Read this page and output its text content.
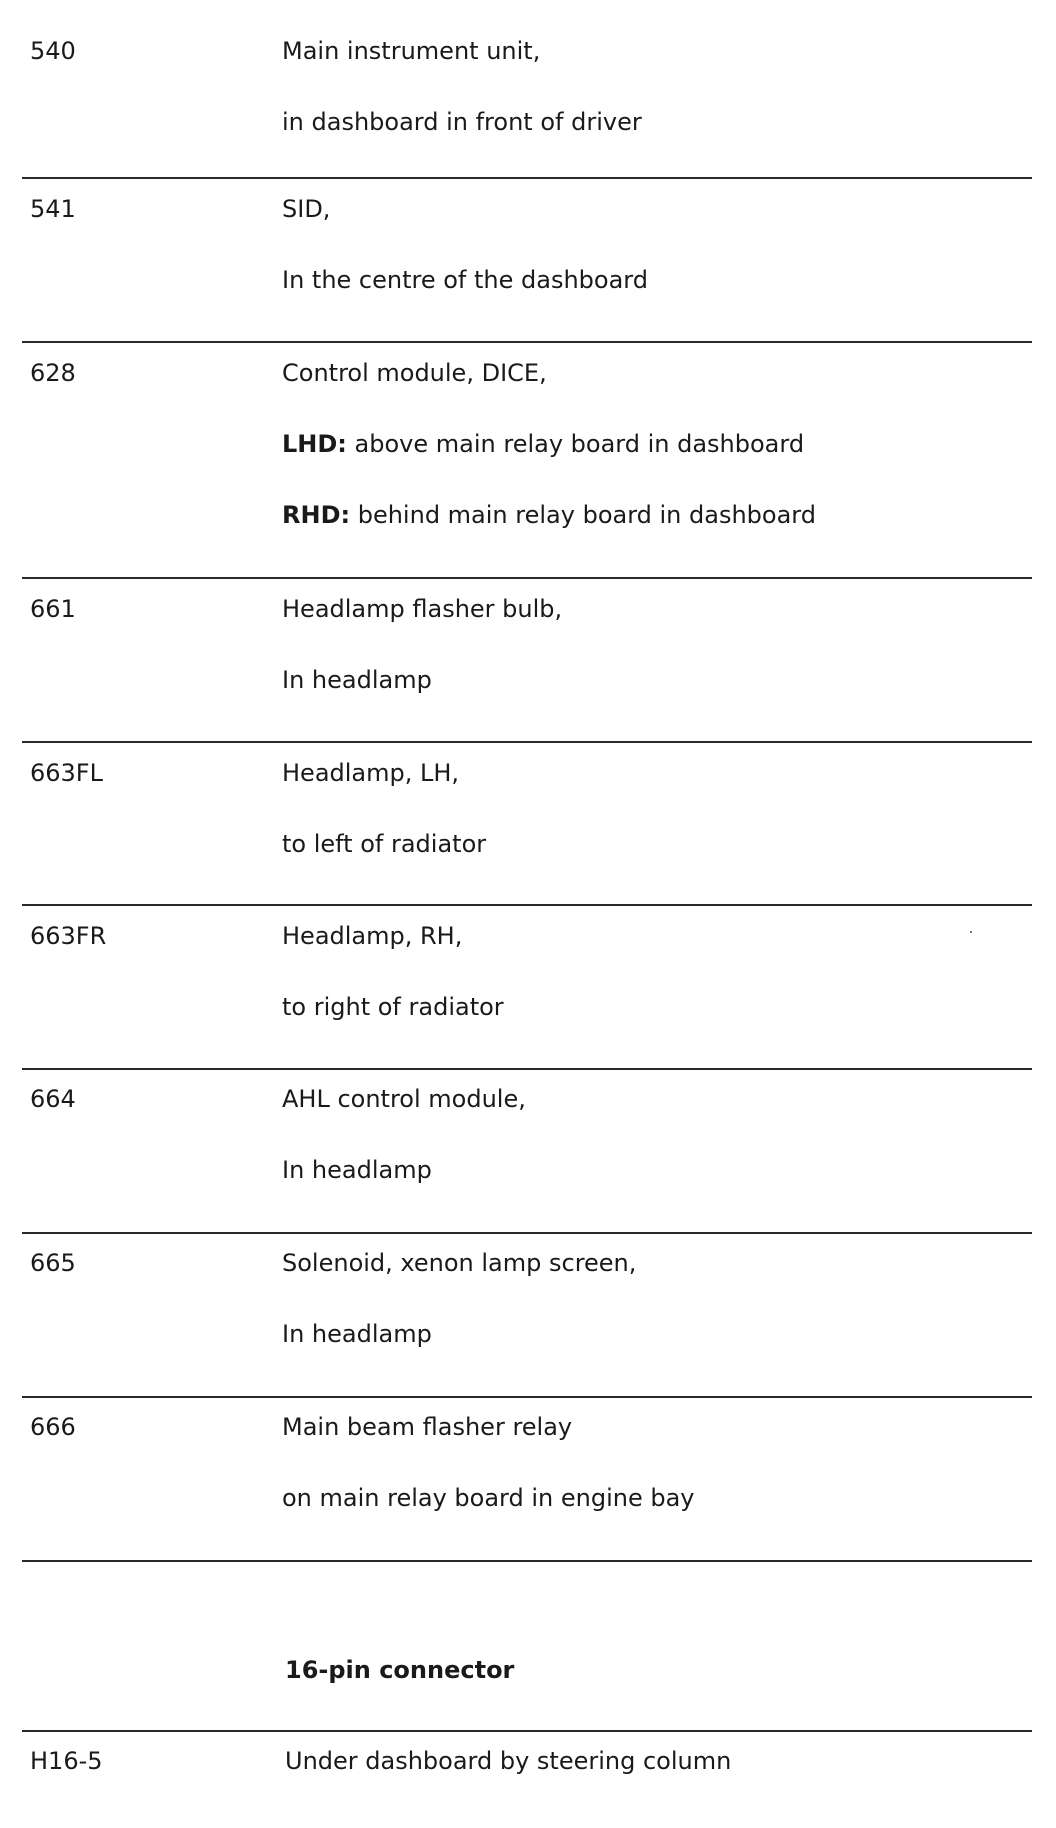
540	Main instrument unit,
in dashboard in front of driver
541	SID,
In the centre of the dashboard
628	Control module, DICE,
LHD: above main relay board in dashboard
RHD: behind main relay board in dashboard
661	Headlamp flasher bulb,
In headlamp
663FL	Headlamp, LH,
to left of radiator
663FR	Headlamp, RH,
to right of radiator
664	AHL control module,
In headlamp
665	Solenoid, xenon lamp screen,
In headlamp
666	Main beam flasher relay
on main relay board in engine bay
16-pin connector
H16-5	Under dashboard by steering column
